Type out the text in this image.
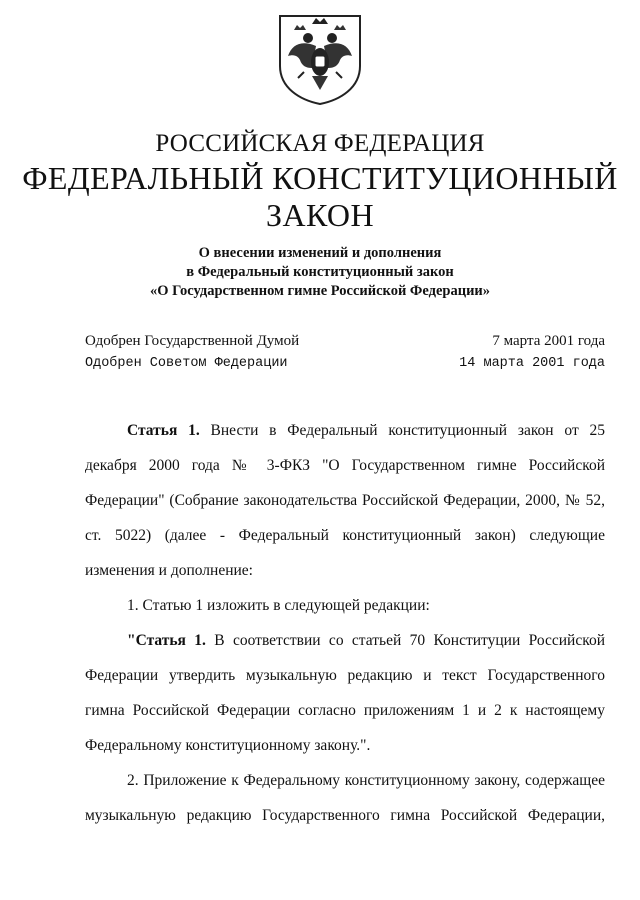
РОССИЙСКАЯ ФЕДЕРАЦИЯ
ФЕДЕРАЛЬНЫЙ КОНСТИТУЦИОННЫЙ ЗАКОН
О внесении изменений и дополнения
в Федеральный конституционный закон
«О Государственном гимне Российской Федерации»
Одобрен Государственной Думой	7 марта 2001 года
Одобрен Советом Федерации	14 марта 2001 года
Статья 1. Внести в Федеральный конституционный закон от 25
декабря 2000 года № 3-ФКЗ "О Государственном гимне Российской
Федерации" (Собрание законодательства Российской Федерации, 2000, № 52,
ст. 5022) (далее - Федеральный конституционный закон) следующие
изменения и дополнение:
1. Статью 1 изложить в следующей редакции:
"Статья 1. В соответствии со статьей 70 Конституции Российской
Федерации утвердить музыкальную редакцию и текст Государственного
гимна Российской Федерации согласно приложениям 1 и 2 к настоящему
Федеральному конституционному закону.".
2. Приложение к Федеральному конституционному закону, содержащее
музыкальную редакцию Государственного гимна Российской Федерации,
